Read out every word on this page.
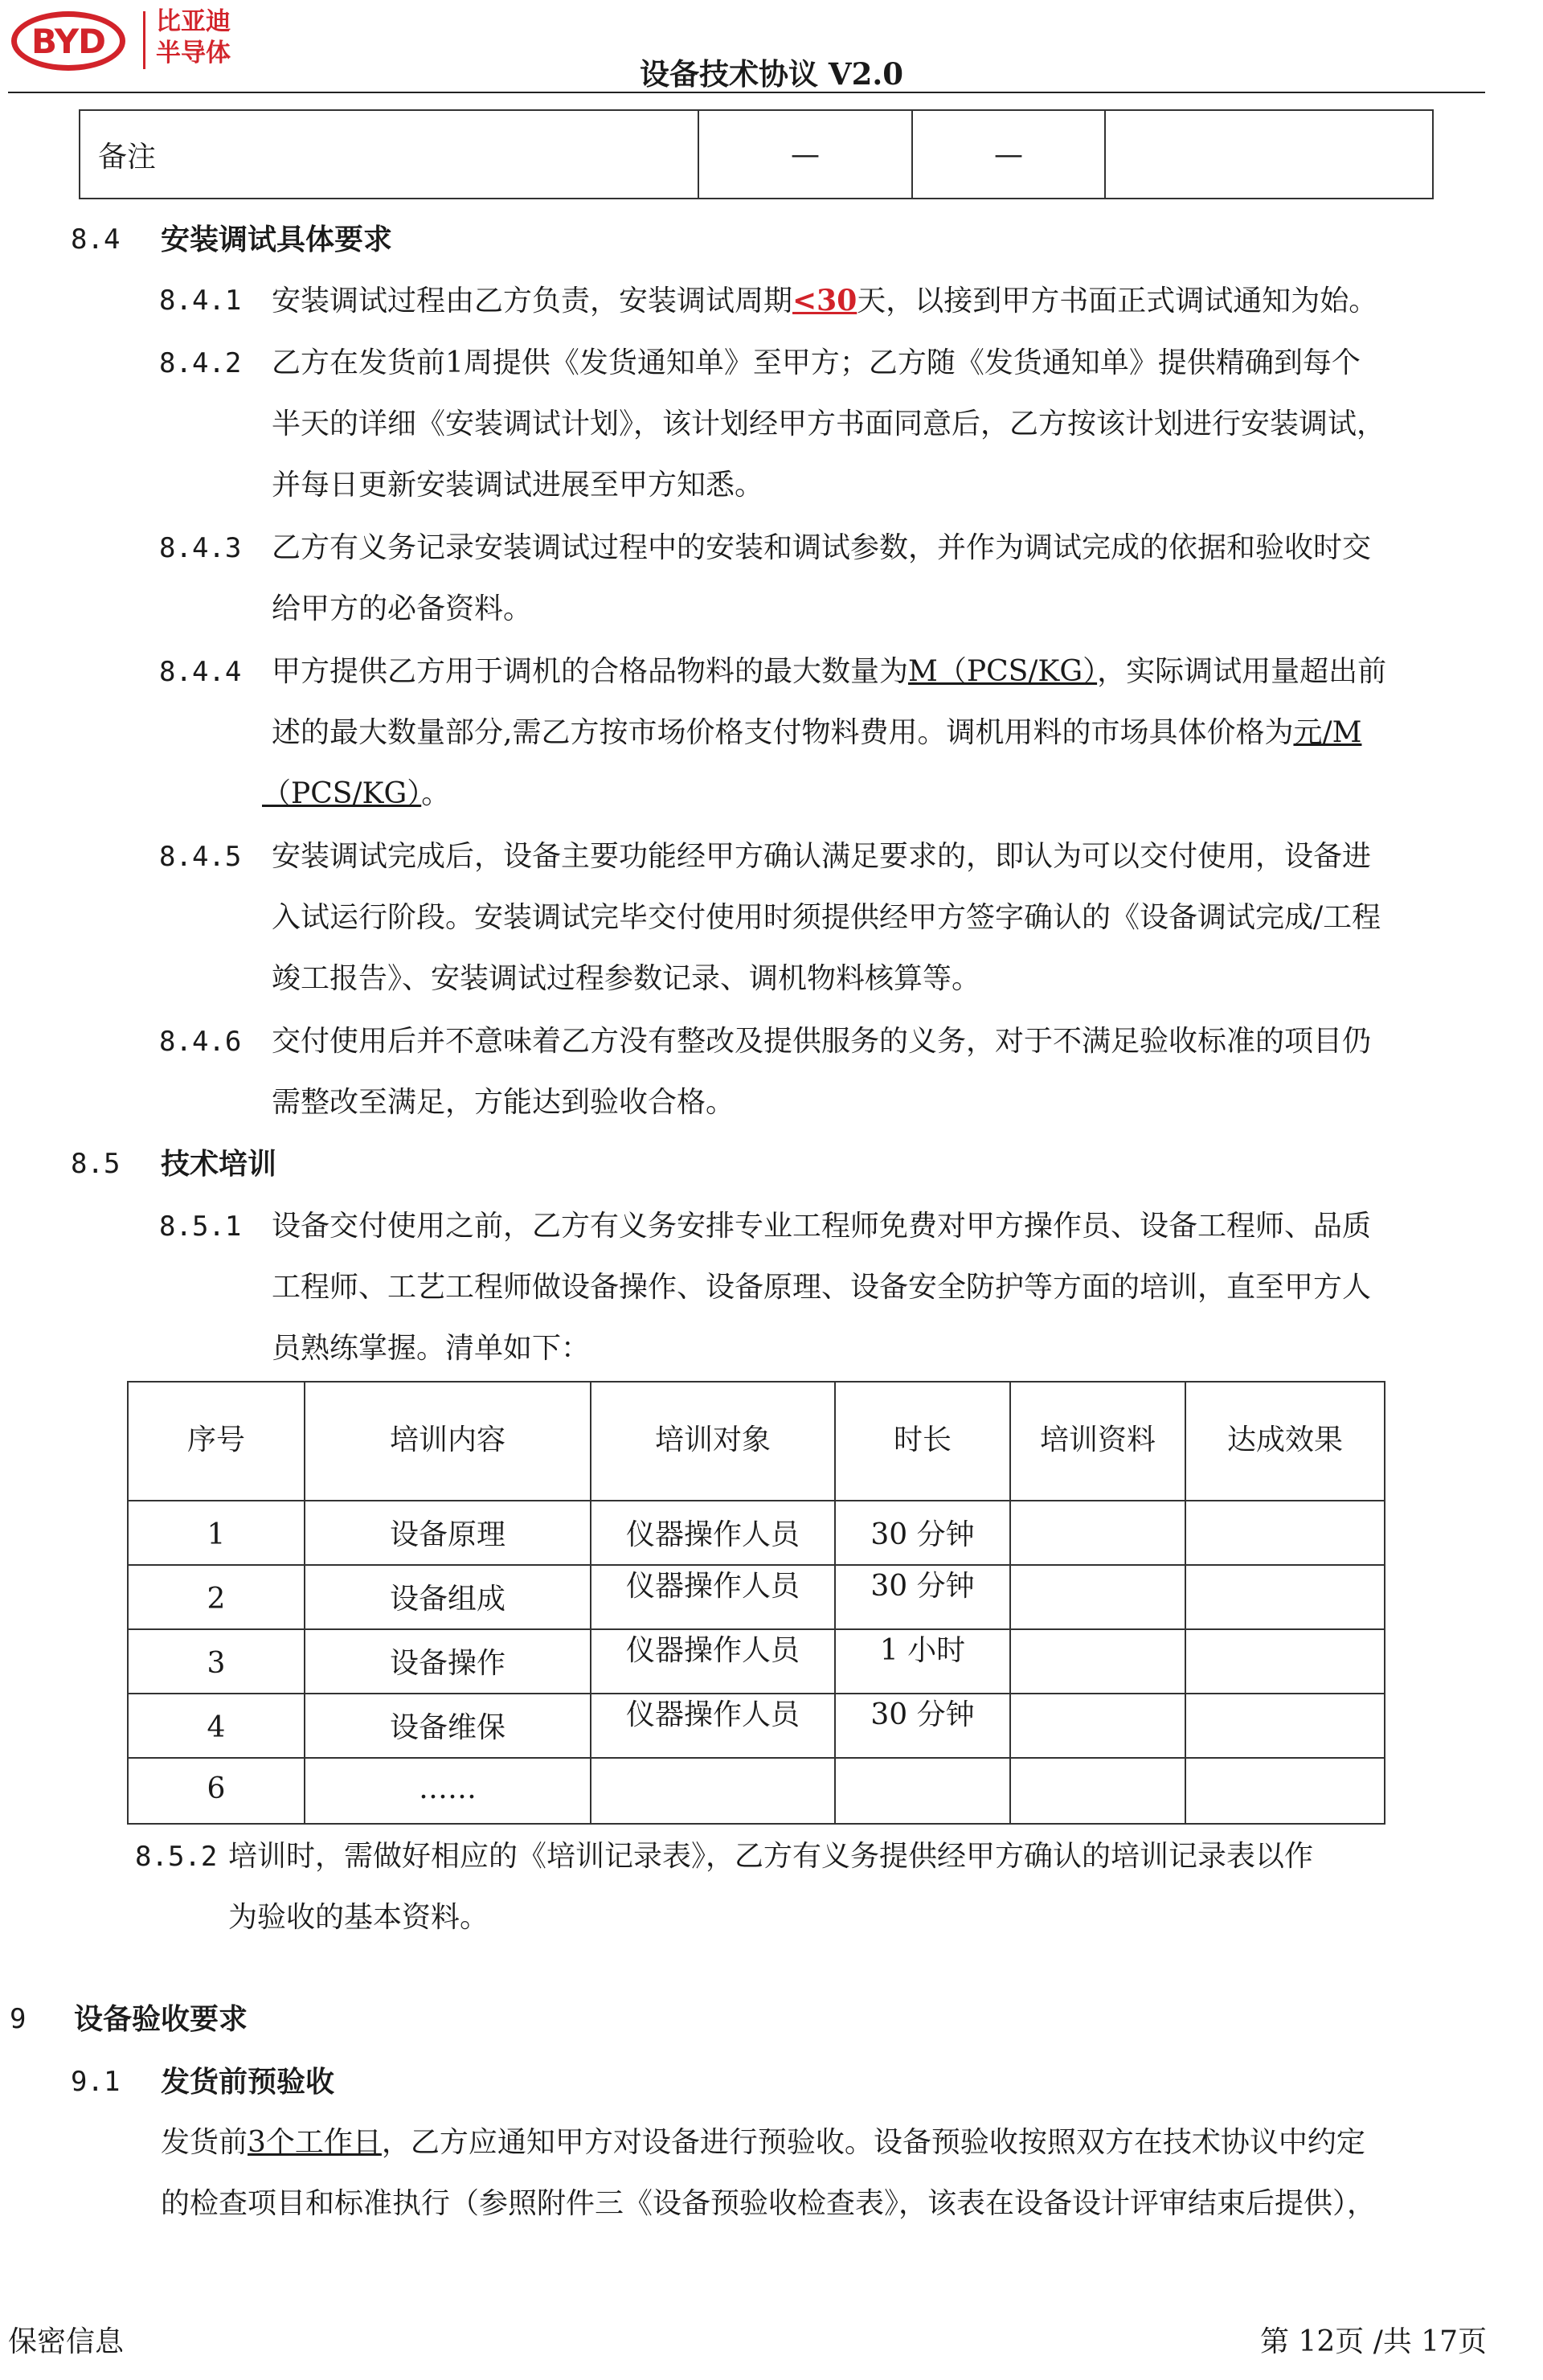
BYD 比亚迪
半导体
设备技术协议 V2.0
备注	—	—
8.4 安装调试具体要求
8.4.1 安装调试过程由乙方负责，安装调试周期<30天，以接到甲方书面正式调试通知为始。
8.4.2 乙方在发货前1周提供《发货通知单》至甲方；乙方随《发货通知单》提供精确到每个
半天的详细《安装调试计划》，该计划经甲方书面同意后，乙方按该计划进行安装调试，
并每日更新安装调试进展至甲方知悉。
8.4.3 乙方有义务记录安装调试过程中的安装和调试参数，并作为调试完成的依据和验收时交
给甲方的必备资料。
8.4.4 甲方提供乙方用于调机的合格品物料的最大数量为M（PCS/KG），实际调试用量超出前
述的最大数量部分,需乙方按市场价格支付物料费用。调机用料的市场具体价格为元/M
（PCS/KG）。
8.4.5 安装调试完成后，设备主要功能经甲方确认满足要求的，即认为可以交付使用，设备进
入试运行阶段。安装调试完毕交付使用时须提供经甲方签字确认的《设备调试完成/工程
竣工报告》、安装调试过程参数记录、调机物料核算等。
8.4.6 交付使用后并不意味着乙方没有整改及提供服务的义务，对于不满足验收标准的项目仍
需整改至满足，方能达到验收合格。
8.5 技术培训
8.5.1 设备交付使用之前，乙方有义务安排专业工程师免费对甲方操作员、设备工程师、品质
工程师、工艺工程师做设备操作、设备原理、设备安全防护等方面的培训，直至甲方人
员熟练掌握。清单如下：
序号	培训内容	培训对象	时长	培训资料	达成效果
1	设备原理	仪器操作人员	30 分钟
2	设备组成	仪器操作人员	30 分钟
3	设备操作	仪器操作人员	1 小时
4	设备维保	仪器操作人员	30 分钟
6	……
8.5.2 培训时，需做好相应的《培训记录表》，乙方有义务提供经甲方确认的培训记录表以作
为验收的基本资料。
9 设备验收要求
9.1 发货前预验收
发货前3个工作日，乙方应通知甲方对设备进行预验收。设备预验收按照双方在技术协议中约定
的检查项目和标准执行（参照附件三《设备预验收检查表》，该表在设备设计评审结束后提供），
保密信息	第 12页 /共 17页
